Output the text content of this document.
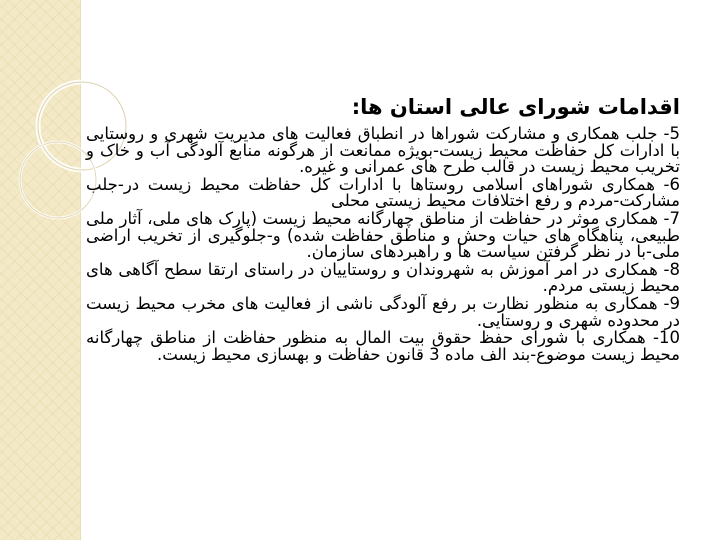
اقدامات شورای عالی استان ها:

5- جلب همکاری و مشارکت شوراها در انطباق فعالیت های مدیریت شهری و روستایی با ادارات کل حفاظت محیط زیست-بویژه ممانعت از هرگونه منابع آلودگی آب و خاک و تخریب محیط زیست در قالب طرح های عمرانی و غیره.

6- همکاری شوراهای اسلامی روستاها با ادارات کل حفاظت محیط زیست در-جلب مشارکت-مردم و رفع اختلافات محیط زیستی محلی

7- همکاری موثر در حفاظت از مناطق چهارگانه محیط زیست (پارک های ملی، آثار ملی طبیعی، پناهگاه های حیات وحش و مناطق حفاظت شده) و-جلوگیری از تخریب اراضی ملی-با در نظر گرفتن سیاست ها و راهبردهای سازمان.

8- همکاری در امر آموزش به شهروندان و روستاییان در راستای ارتقا سطح آگاهی های محیط زیستی مردم.

9- همکاری به منظور نظارت بر رفع آلودگی ناشی از فعالیت های مخرب محیط زیست در محدوده شهری و روستایی.

10- همکاری با شورای حفظ حقوق بیت المال به منظور حفاظت از مناطق چهارگانه محیط زیست موضوع-بند الف ماده 3 قانون حفاظت و بهسازی محیط زیست.
